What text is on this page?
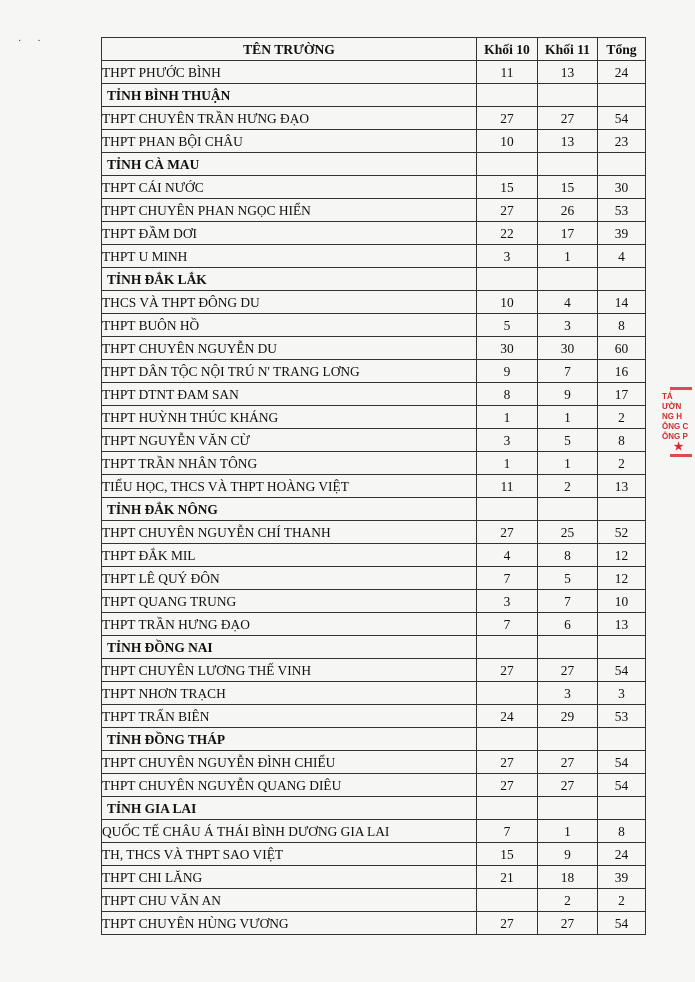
··	TÊN TRƯỜNG	Khối 10	Khối 11	Tổng
THPT PHƯỚC BÌNH	11	13	24
TỈNH BÌNH THUẬN			
THPT CHUYÊN TRẦN HƯNG ĐẠO	27	27	54
THPT PHAN BỘI CHÂU	10	13	23
TỈNH CÀ MAU			
THPT CÁI NƯỚC	15	15	30
THPT CHUYÊN PHAN NGỌC HIỂN	27	26	53
THPT ĐẦM DƠI	22	17	39
THPT U MINH	3	1	4
TỈNH ĐẮK LẮK			
THCS VÀ THPT ĐÔNG DU	10	4	14
THPT BUÔN HỒ	5	3	8
THPT CHUYÊN NGUYỄN DU	30	30	60
THPT DÂN TỘC NỘI TRÚ N' TRANG LƠNG	9	7	16
THPT DTNT ĐAM SAN	8	9	17
THPT HUỲNH THÚC KHÁNG	1	1	2
THPT NGUYỄN VĂN CỪ	3	5	8
THPT TRẦN NHÂN TÔNG	1	1	2
TIỂU HỌC, THCS VÀ THPT HOÀNG VIỆT	11	2	13
TỈNH ĐẮK NÔNG			
THPT CHUYÊN NGUYỄN CHÍ THANH	27	25	52
THPT ĐẮK MIL	4	8	12
THPT LÊ QUÝ ĐÔN	7	5	12
THPT QUANG TRUNG	3	7	10
THPT TRẦN HƯNG ĐẠO	7	6	13
TỈNH ĐỒNG NAI			
THPT CHUYÊN LƯƠNG THẾ VINH	27	27	54
THPT NHƠN TRẠCH		3	3
THPT TRẤN BIÊN	24	29	53
TỈNH ĐỒNG THÁP			
THPT CHUYÊN NGUYỄN ĐÌNH CHIỂU	27	27	54
THPT CHUYÊN NGUYỄN QUANG DIÊU	27	27	54
TỈNH GIA LAI			
QUỐC TẾ CHÂU Á THÁI BÌNH DƯƠNG GIA LAI	7	1	8
TH, THCS VÀ THPT SAO VIỆT	15	9	24
THPT CHI LĂNG	21	18	39
THPT CHU VĂN AN		2	2
THPT CHUYÊN HÙNG VƯƠNG	27	27	54
TÁ
ƯỜN
NG H
ÔNG C
ÔNG P
★
